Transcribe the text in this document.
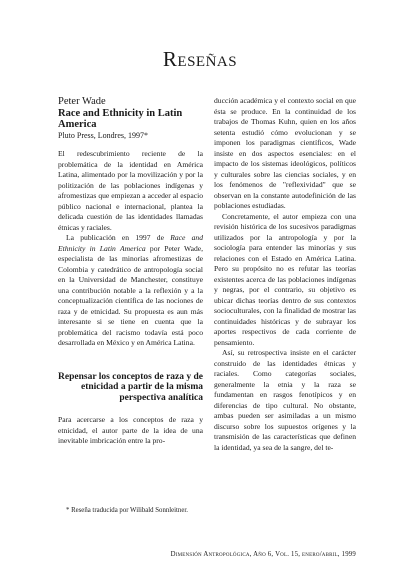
Reseñas
Peter Wade
Race and Ethnicity in Latin America
Pluto Press, Londres, 1997*

El redescubrimiento reciente de la problemática de la identidad en América Latina, alimentado por la movilización y por la politización de las poblaciones indígenas y afromestizas que empiezan a acceder al espacio público nacional e internacional, plantea la delicada cuestión de las identidades llamadas étnicas y raciales.

La publicación en 1997 de Race and Ethnicity in Latin America por Peter Wade, especialista de las minorías afromestizas de Colombia y catedrático de antropología social en la Universidad de Manchester, constituye una contribución notable a la reflexión y a la conceptualización científica de las nociones de raza y de etnicidad. Su propuesta es aun más interesante si se tiene en cuenta que la problemática del racismo todavía está poco desarrollada en México y en América Latina.

Repensar los conceptos de raza y de etnicidad a partir de la misma perspectiva analítica

Para acercarse a los conceptos de raza y etnicidad, el autor parte de la idea de una inevitable imbricación entre la pro-

ducción académica y el contexto social en que ésta se produce. En la continuidad de los trabajos de Thomas Kuhn, quien en los años setenta estudió cómo evolucionan y se imponen los paradigmas científicos, Wade insiste en dos aspectos esenciales: en el impacto de los sistemas ideológicos, políticos y culturales sobre las ciencias sociales, y en los fenómenos de "reflexividad" que se observan en la constante autodefinición de las poblaciones estudiadas.

Concretamente, el autor empieza con una revisión histórica de los sucesivos paradigmas utilizados por la antropología y por la sociología para entender las minorías y sus relaciones con el Estado en América Latina. Pero su propósito no es refutar las teorías existentes acerca de las poblaciones indígenas y negras, por el contrario, su objetivo es ubicar dichas teorías dentro de sus contextos socioculturales, con la finalidad de mostrar las continuidades históricas y de subrayar los aportes respectivos de cada corriente de pensamiento.

Así, su retrospectiva insiste en el carácter construido de las identidades étnicas y raciales. Como categorías sociales, generalmente la etnia y la raza se fundamentan en rasgos fenotípicos y en diferencias de tipo cultural. No obstante, ambas pueden ser asimiladas a un mismo discurso sobre los supuestos orígenes y la transmisión de las características que definen la identidad, ya sea de la sangre, del te-

* Reseña traducida por Wilibald Sonnleitner.
Dimensión Antropológica, Año 6, Vol. 15, enero/abril, 1999
